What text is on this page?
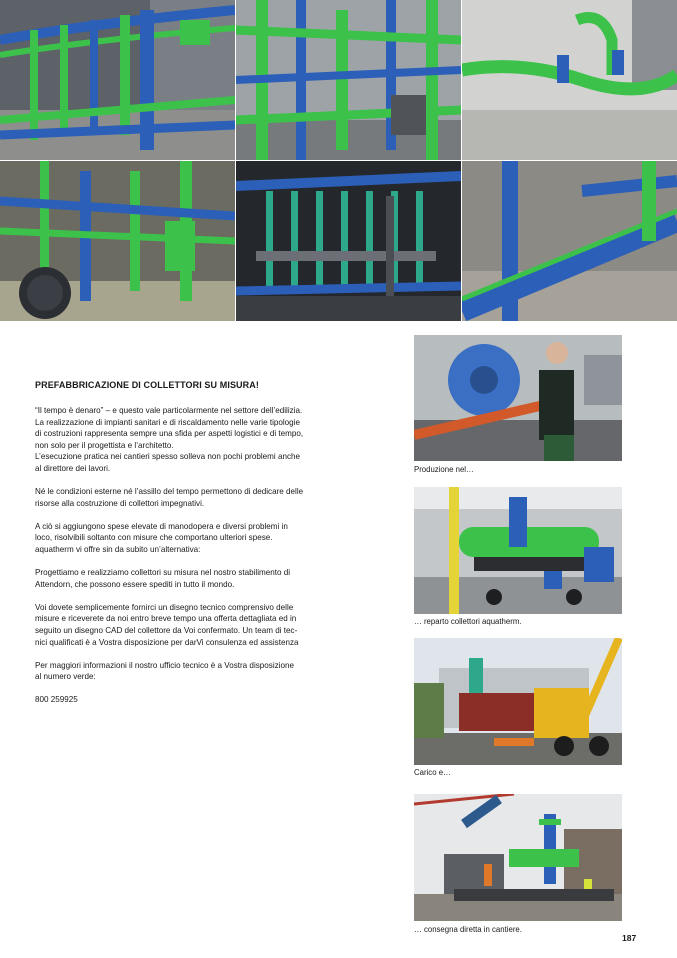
PREFABBRICAZIONE DI COLLETTORI SU MISURA!

“Il tempo è denaro” – e questo vale particolarmente nel settore dell’edilizia.
La realizzazione di impianti sanitari e di riscaldamento nelle varie tipologie
di costruzioni rappresenta sempre una sfida per aspetti logistici e di tempo,
non solo per il progettista e l’architetto.
L’esecuzione pratica nei cantieri spesso solleva non pochi problemi anche
al direttore dei lavori.

Né le condizioni esterne né l’assillo del tempo permettono di dedicare delle
risorse alla costruzione di collettori impegnativi.

A ciò si aggiungono spese elevate di manodopera e diversi problemi in
loco, risolvibili soltanto con misure che comportano ulteriori spese.
aquatherm vi offre sin da subito un’alternativa:

Progettiamo e realizziamo collettori su misura nel nostro stabilimento di
Attendorn, che possono essere spediti in tutto il mondo.

Voi dovete semplicemente fornirci un disegno tecnico comprensivo delle
misure e riceverete da noi entro breve tempo una offerta dettagliata ed in
seguito un disegno CAD del collettore da Voi confermato. Un team di tec-
nici qualificati è a Vostra disposizione per darVi consulenza ed assistenza

Per maggiori informazioni il nostro ufficio tecnico è a Vostra disposizione
al numero verde:

800 259925

Produzione nel…
… reparto collettori aquatherm.
Carico e…
… consegna diretta in cantiere.
187
